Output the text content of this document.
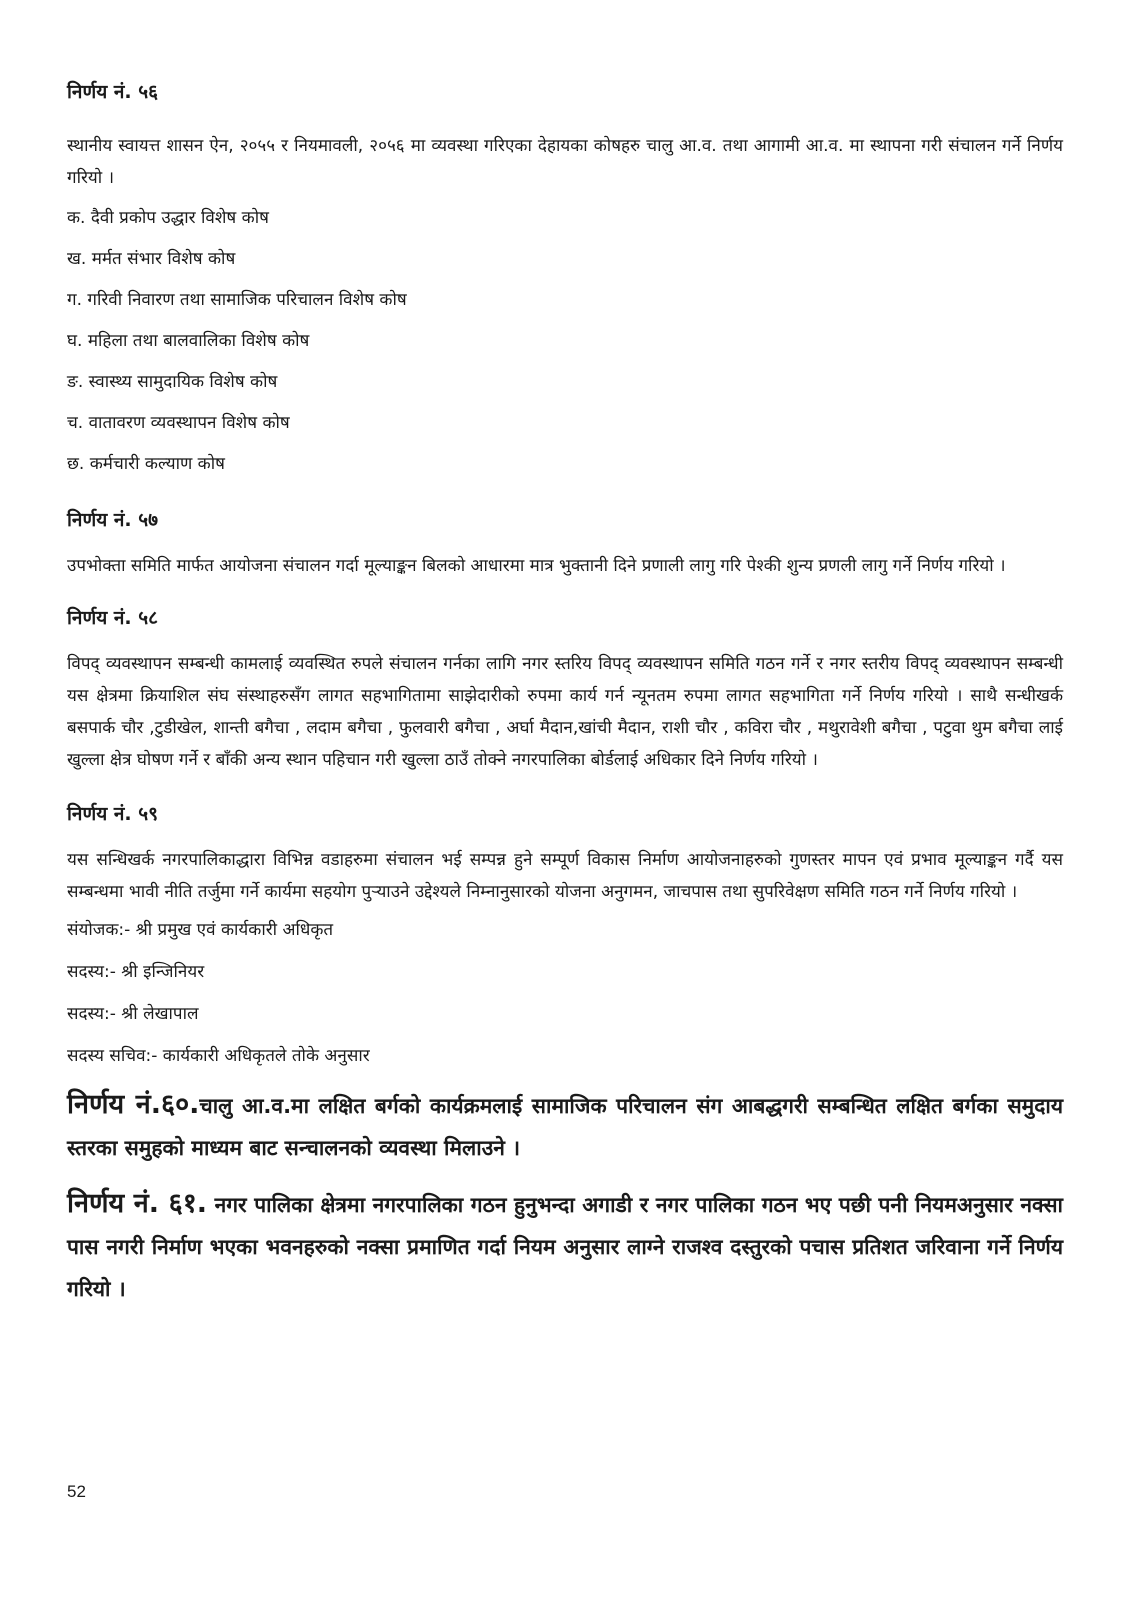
निर्णय नं. ५६

स्थानीय स्वायत्त शासन ऐन, २०५५ र नियमावली, २०५६ मा व्यवस्था गरिएका देहायका कोषहरु चालु आ.व. तथा आगामी आ.व. मा स्थापना गरी संचालन गर्ने निर्णय गरियो ।

क. दैवी प्रकोप उद्धार विशेष कोष

ख. मर्मत संभार विशेष कोष

ग. गरिवी निवारण तथा सामाजिक परिचालन विशेष कोष

घ. महिला तथा बालवालिका विशेष कोष

ङ. स्वास्थ्य सामुदायिक विशेष कोष

च. वातावरण व्यवस्थापन विशेष कोष

छ. कर्मचारी कल्याण कोष

निर्णय नं. ५७

उपभोक्ता समिति मार्फत आयोजना संचालन गर्दा मूल्याङ्कन बिलको आधारमा मात्र भुक्तानी दिने प्रणाली लागु गरि पेश्की शुन्य प्रणली लागु गर्ने निर्णय गरियो ।

निर्णय नं. ५८

विपद् व्यवस्थापन सम्बन्धी कामलाई व्यवस्थित रुपले संचालन गर्नका लागि नगर स्तरिय विपद् व्यवस्थापन समिति गठन गर्ने र नगर स्तरीय विपद् व्यवस्थापन सम्बन्धी यस क्षेत्रमा क्रियाशिल संघ संस्थाहरुसँग लागत सहभागितामा साझेदारीको रुपमा कार्य गर्न न्यूनतम रुपमा लागत सहभागिता गर्ने निर्णय गरियो । साथै सन्धीखर्क बसपार्क चौर ,टुडीखेल, शान्ती बगैचा , लदाम बगैचा , फुलवारी बगैचा , अर्घा मैदान,खांची मैदान, राशी चौर , कविरा चौर , मथुरावेशी बगैचा , पटुवा थुम बगैचा लाई खुल्ला क्षेत्र घोषण गर्ने र बाँकी अन्य स्थान पहिचान गरी खुल्ला ठाउँ तोक्ने नगरपालिका बोर्डलाई अधिकार दिने निर्णय गरियो ।

निर्णय नं. ५९

यस सन्धिखर्क नगरपालिकाद्धारा विभिन्न वडाहरुमा संचालन भई सम्पन्न हुने सम्पूर्ण विकास निर्माण आयोजनाहरुको गुणस्तर मापन एवं प्रभाव मूल्याङ्कन गर्दै यस सम्बन्धमा भावी नीति तर्जुमा गर्ने कार्यमा सहयोग पुऱ्याउने उद्देश्यले निम्नानुसारको योजना अनुगमन, जाचपास तथा सुपरिवेक्षण समिति गठन गर्ने निर्णय गरियो ।

संयोजक:- श्री प्रमुख एवं कार्यकारी अधिकृत

सदस्य:- श्री इन्जिनियर

सदस्य:- श्री लेखापाल

सदस्य सचिव:- कार्यकारी अधिकृतले तोके अनुसार

निर्णय नं.६०.चालु आ.व.मा लक्षित बर्गको कार्यक्रमलाई सामाजिक परिचालन संग आबद्धगरी सम्बन्धित लक्षित बर्गका समुदाय स्तरका समुहको माध्यम बाट सन्चालनको व्यवस्था मिलाउने ।

निर्णय नं. ६१. नगर पालिका क्षेत्रमा नगरपालिका गठन हुनुभन्दा अगाडी र नगर पालिका गठन भए पछी पनी नियमअनुसार नक्सा पास नगरी निर्माण भएका भवनहरुको नक्सा प्रमाणित गर्दा नियम अनुसार लाग्ने राजश्व दस्तुरको पचास प्रतिशत जरिवाना गर्ने निर्णय गरियो ।

52
